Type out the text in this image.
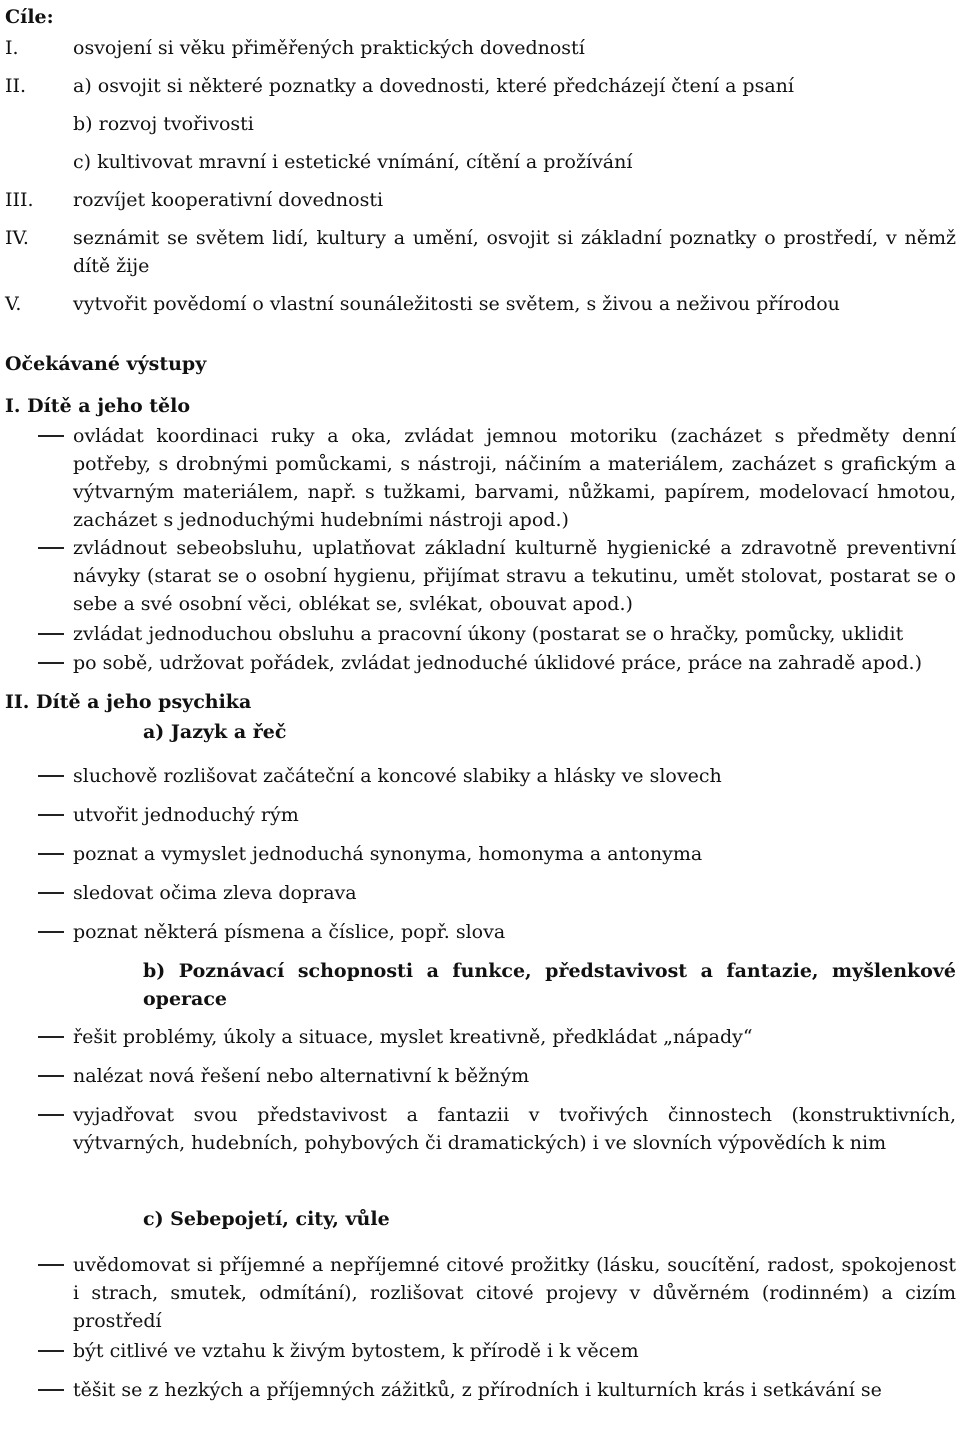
Cíle:
I.	osvojení si věku přiměřených praktických dovedností
II.	a) osvojit si některé poznatky a dovednosti, které předcházejí čtení a psaní
b) rozvoj tvořivosti
c) kultivovat mravní i estetické vnímání, cítění a prožívání
III.	rozvíjet kooperativní dovednosti
IV.	seznámit se světem lidí, kultury a umění, osvojit si základní poznatky o prostředí, v němž dítě žije
V.	vytvořit povědomí o vlastní sounáležitosti se světem, s živou a neživou přírodou
Očekávané výstupy
I. Dítě a jeho tělo
ovládat koordinaci ruky a oka, zvládat jemnou motoriku (zacházet s předměty denní potřeby, s drobnými pomůckami, s nástroji, náčiním a materiálem, zacházet s grafickým a výtvarným materiálem, např. s tužkami, barvami, nůžkami, papírem, modelovací hmotou, zacházet s jednoduchými hudebními nástroji apod.)
zvládnout sebeobsluhu, uplatňovat základní kulturně hygienické a zdravotně preventivní návyky (starat se o osobní hygienu, přijímat stravu a tekutinu, umět stolovat, postarat se o sebe a své osobní věci, oblékat se, svlékat, obouvat apod.)
zvládat jednoduchou obsluhu a pracovní úkony (postarat se o hračky, pomůcky, uklidit
po sobě, udržovat pořádek, zvládat jednoduché úklidové práce, práce na zahradě apod.)
II. Dítě a jeho psychika
a) Jazyk a řeč
sluchově rozlišovat začáteční a koncové slabiky a hlásky ve slovech
utvořit jednoduchý rým
poznat a vymyslet jednoduchá synonyma, homonyma a antonyma
sledovat očima zleva doprava
poznat některá písmena a číslice, popř. slova
b) Poznávací schopnosti a funkce, představivost a fantazie, myšlenkové operace
řešit problémy, úkoly a situace, myslet kreativně, předkládat „nápady“
nalézat nová řešení nebo alternativní k běžným
vyjadřovat svou představivost a fantazii v tvořivých činnostech (konstruktivních, výtvarných, hudebních, pohybových či dramatických) i ve slovních výpovědích k nim
c) Sebepojetí, city, vůle
uvědomovat si příjemné a nepříjemné citové prožitky (lásku, soucítění, radost, spokojenost i strach, smutek, odmítání), rozlišovat citové projevy v důvěrném (rodinném) a cizím prostředí
být citlivé ve vztahu k živým bytostem, k přírodě i k věcem
těšit se z hezkých a příjemných zážitků, z přírodních i kulturních krás i setkávání se
